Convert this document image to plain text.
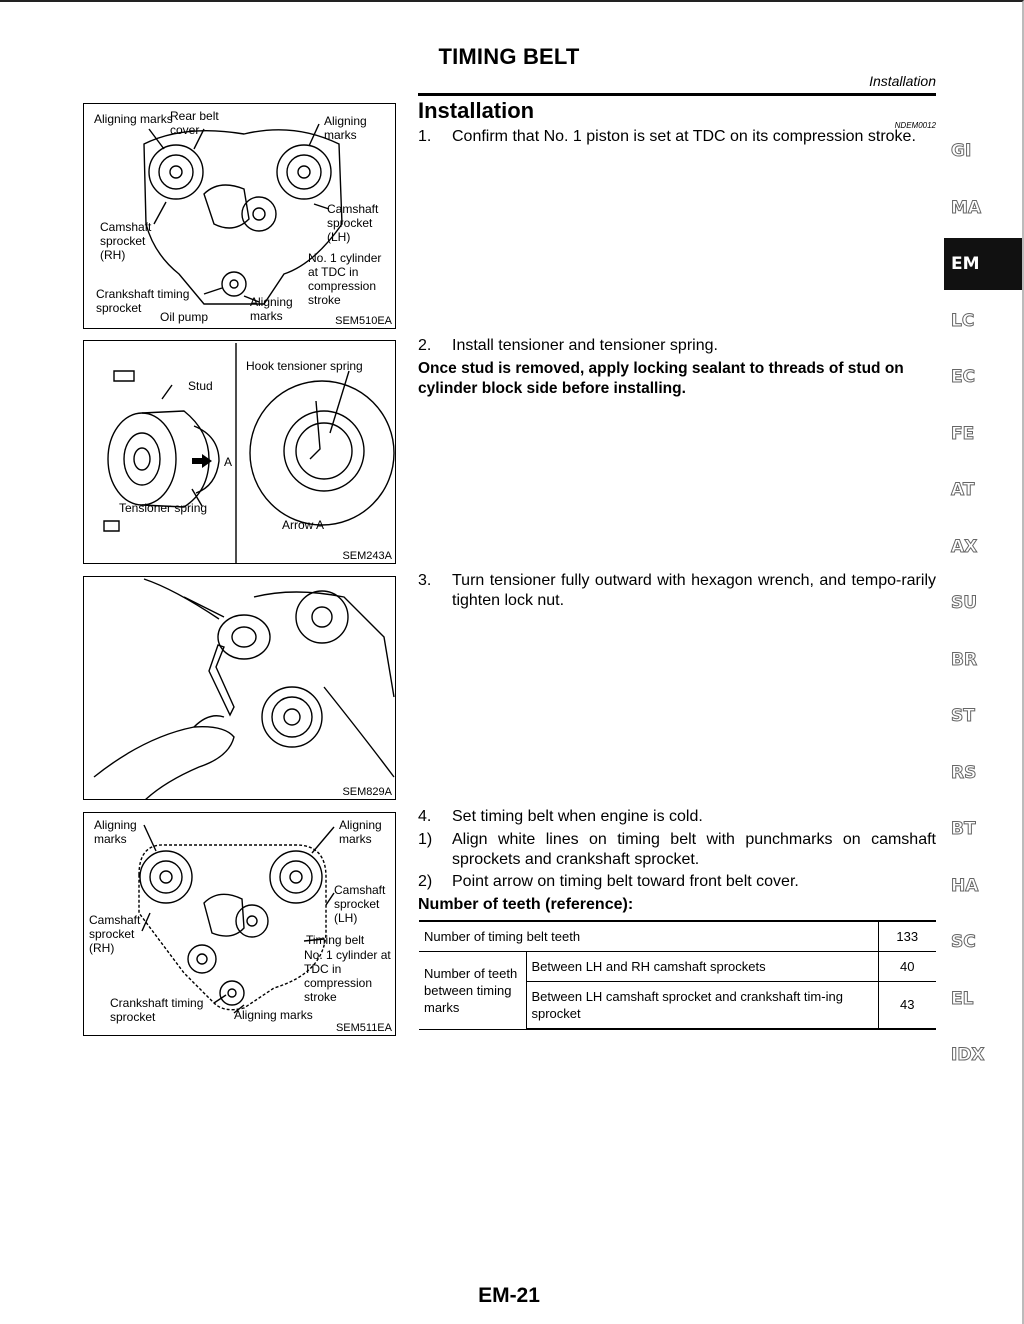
TIMING BELT
Installation
Aligning marks
Rear belt cover
Aligning marks
Camshaft sprocket (RH)
Camshaft sprocket (LH)
No. 1 cylinder at TDC in compression stroke
Crankshaft timing sprocket	Aligning marks
Oil pump	SEM510EA
Stud
Hook tensioner spring
A
Tensioner spring
Arrow A
SEM243A
SEM829A
Aligning marks
Aligning marks
Camshaft sprocket (LH)
Camshaft sprocket (RH)
Timing belt
No. 1 cylinder at TDC in compression stroke
Crankshaft timing sprocket	Aligning marks
SEM511EA
Installation
NDEM0012
1. Confirm that No. 1 piston is set at TDC on its compression stroke.
2. Install tensioner and tensioner spring.
Once stud is removed, apply locking sealant to threads of stud on cylinder block side before installing.
3. Turn tensioner fully outward with hexagon wrench, and tempo-rarily tighten lock nut.
4. Set timing belt when engine is cold.
1) Align white lines on timing belt with punchmarks on camshaft sprockets and crankshaft sprocket.
2) Point arrow on timing belt toward front belt cover.
Number of teeth (reference):
Number of timing belt teeth		133
Number of teeth between timing marks	Between LH and RH camshaft sprockets	40
	Between LH camshaft sprocket and crankshaft tim-ing sprocket	43
GI
MA
EM
LC
EC
FE
AT
AX
SU
BR
ST
RS
BT
HA
SC
EL
IDX
EM-21
